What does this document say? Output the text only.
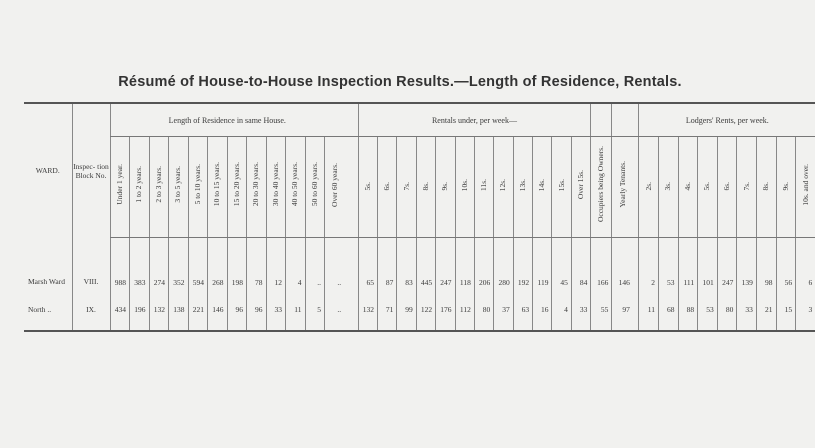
Résumé of House-to-House Inspection Results.—Length of Residence, Rentals.
WARD.	Inspec- tion Block No.	Length of Residence in same House.													Rentals under, per week—															Lodgers' Rents, per week.								
		Under 1 year.	1 to 2 years.	2 to 3 years.	3 to 5 years.	5 to 10 years.	10 to 15 years.	15 to 20 years.	20 to 30 years.	30 to 40 years.	40 to 50 years.	50 to 60 years.	Over 60 years.		5s.	6s.	7s.	8s.	9s.	10s.	11s.	12s.	13s.	14s.	15s.	Over 15s.	Occupiers being Owners.	Yearly Tenants.		2s.	3s.	4s.	5s.	6s.	7s.	8s.	9s.	10s. and over.
Marsh Ward	VIII.	988	383	274	352	594	268	198	78	12	4	..	..		65	87	83	445	247	118	206	280	192	119	45	84	166	146		2	53	111	101	247	139	98	56	6
North ..	IX.	434	196	132	138	221	146	96	96	33	11	5	..		132	71	99	122	176	112	80	37	63	16	4	33	55	97		11	68	88	53	80	33	21	15	3
